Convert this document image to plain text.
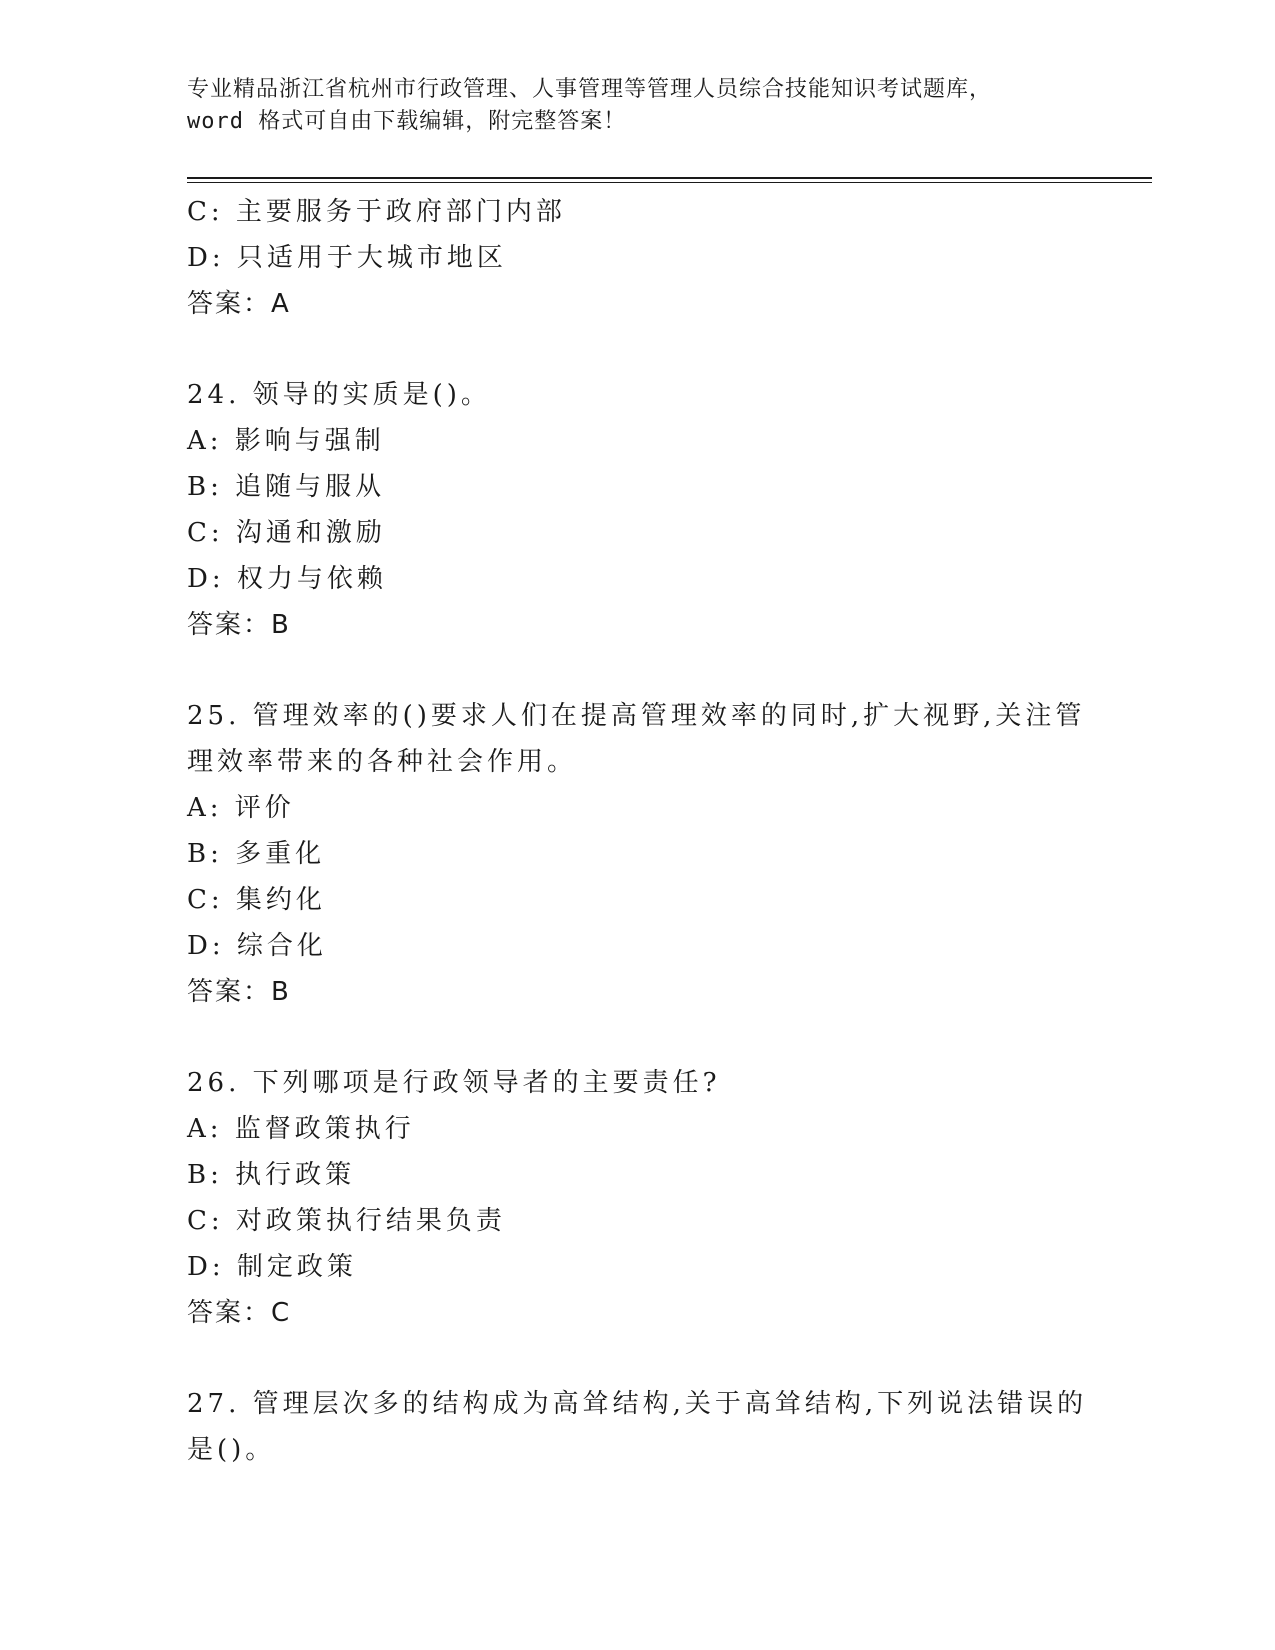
专业精品浙江省杭州市行政管理、人事管理等管理人员综合技能知识考试题库，
word 格式可自由下载编辑，附完整答案！
C: 主要服务于政府部门内部
D: 只适用于大城市地区
答案：A
24. 领导的实质是()。
A: 影响与强制
B: 追随与服从
C: 沟通和激励
D: 权力与依赖
答案：B
25. 管理效率的()要求人们在提高管理效率的同时,扩大视野,关注管
理效率带来的各种社会作用。
A: 评价
B: 多重化
C: 集约化
D: 综合化
答案：B
26. 下列哪项是行政领导者的主要责任?
A: 监督政策执行
B: 执行政策
C: 对政策执行结果负责
D: 制定政策
答案：C
27. 管理层次多的结构成为高耸结构,关于高耸结构,下列说法错误的
是()。
